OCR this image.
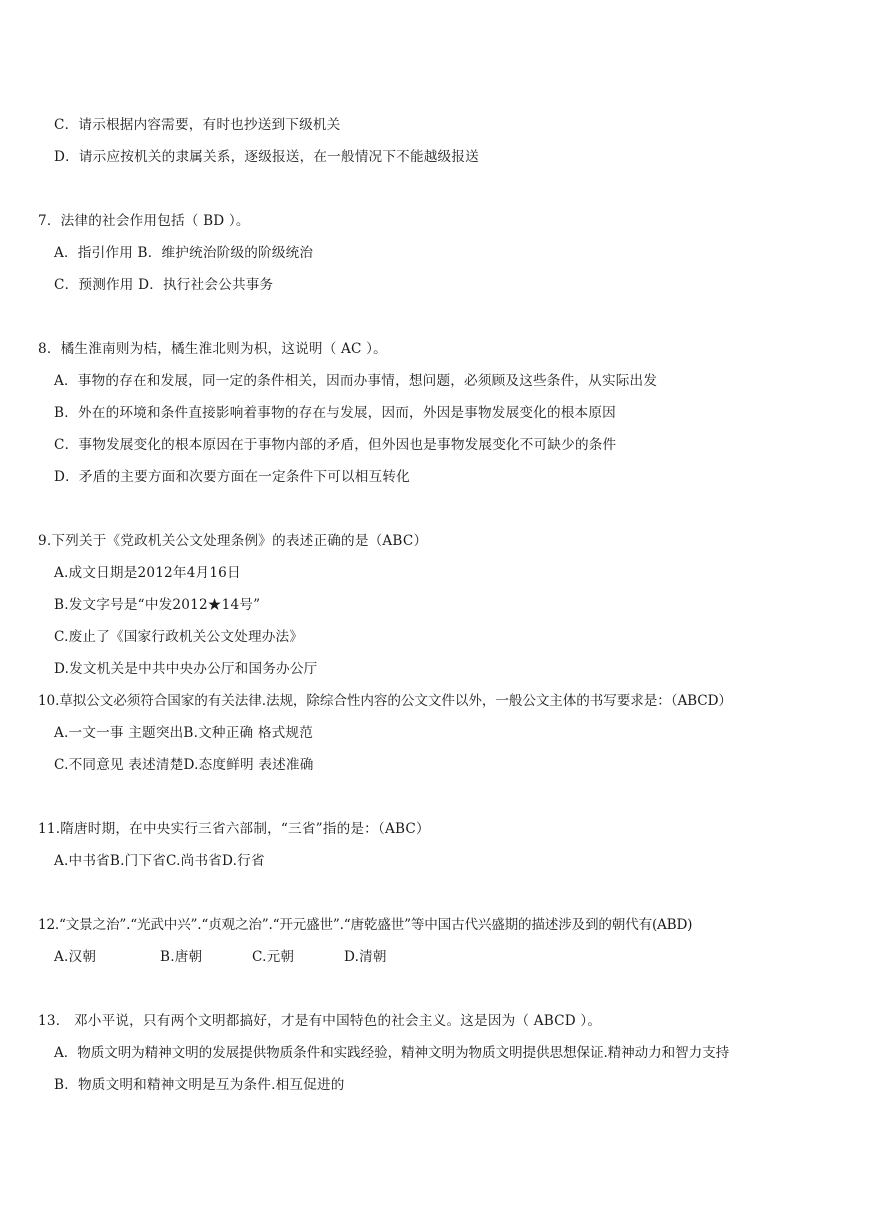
C．请示根据内容需要，有时也抄送到下级机关
D．请示应按机关的隶属关系，逐级报送，在一般情况下不能越级报送
7．法律的社会作用包括（ BD ）。
A．指引作用 B．维护统治阶级的阶级统治
C．预测作用 D．执行社会公共事务
8．橘生淮南则为桔，橘生淮北则为枳，这说明（ AC ）。
A．事物的存在和发展，同一定的条件相关，因而办事情，想问题，必须顾及这些条件，从实际出发
B．外在的环境和条件直接影响着事物的存在与发展，因而，外因是事物发展变化的根本原因
C．事物发展变化的根本原因在于事物内部的矛盾，但外因也是事物发展变化不可缺少的条件
D．矛盾的主要方面和次要方面在一定条件下可以相互转化
9.下列关于《党政机关公文处理条例》的表述正确的是（ABC）
A.成文日期是2012年4月16日
B.发文字号是“中发2012★14号”
C.废止了《国家行政机关公文处理办法》
D.发文机关是中共中央办公厅和国务办公厅
10.草拟公文必须符合国家的有关法律.法规，除综合性内容的公文文件以外，一般公文主体的书写要求是：（ABCD）
A.一文一事 主题突出B.文种正确 格式规范
C.不同意见 表述清楚D.态度鲜明 表述准确
11.隋唐时期，在中央实行三省六部制，“三省”指的是：（ABC）
A.中书省B.门下省C.尚书省D.行省
12.“文景之治”.“光武中兴”.“贞观之治”.“开元盛世”.“唐乾盛世”等中国古代兴盛期的描述涉及到的朝代有(ABD)
A.汉朝	B.唐朝	C.元朝	D.清朝
13． 邓小平说，只有两个文明都搞好，才是有中国特色的社会主义。这是因为（ ABCD ）。
A．物质文明为精神文明的发展提供物质条件和实践经验，精神文明为物质文明提供思想保证.精神动力和智力支持
B．物质文明和精神文明是互为条件.相互促进的
